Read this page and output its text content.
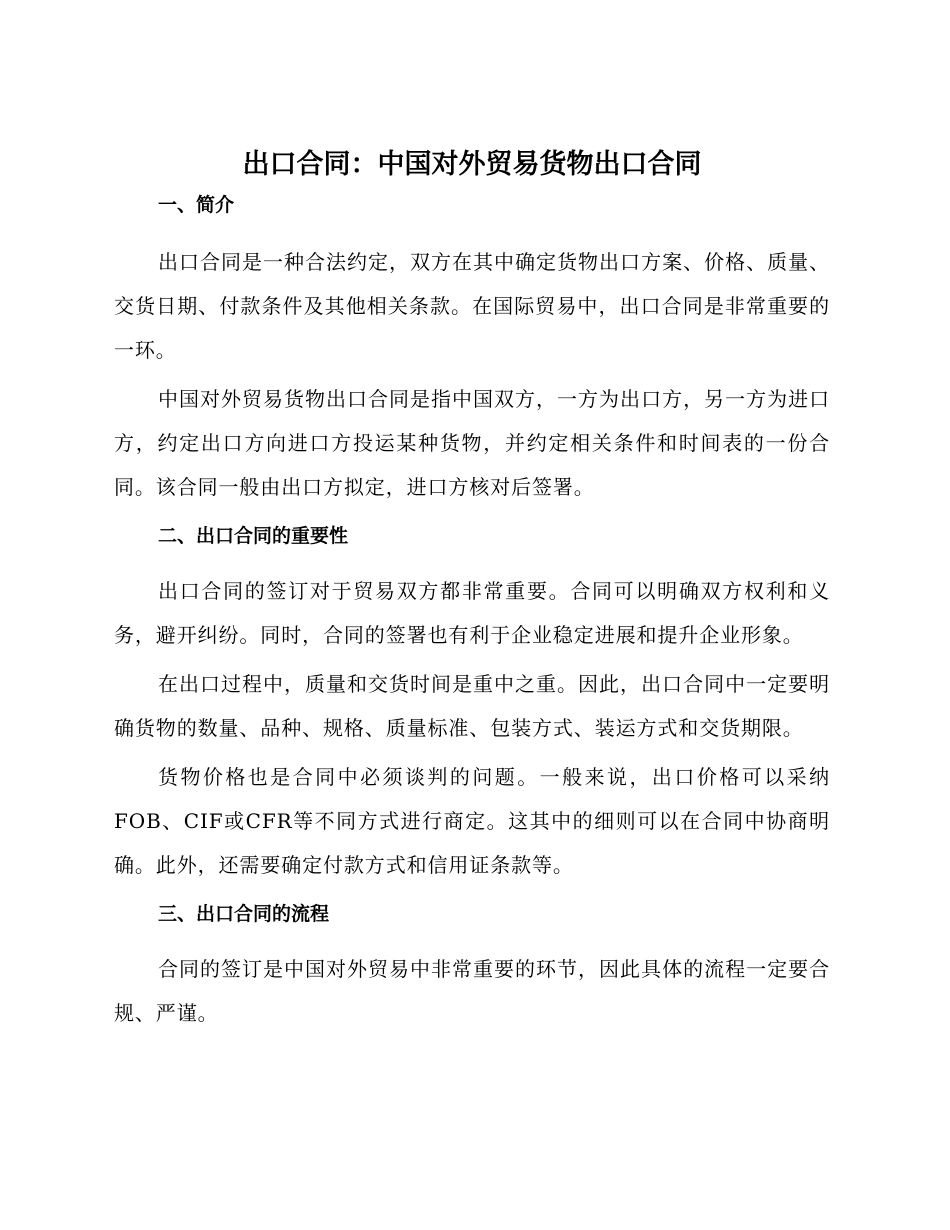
出口合同：中国对外贸易货物出口合同
一、简介

出口合同是一种合法约定，双方在其中确定货物出口方案、价格、质量、交货日期、付款条件及其他相关条款。在国际贸易中，出口合同是非常重要的一环。

中国对外贸易货物出口合同是指中国双方，一方为出口方，另一方为进口方，约定出口方向进口方投运某种货物，并约定相关条件和时间表的一份合同。该合同一般由出口方拟定，进口方核对后签署。

二、出口合同的重要性

出口合同的签订对于贸易双方都非常重要。合同可以明确双方权利和义务，避开纠纷。同时，合同的签署也有利于企业稳定进展和提升企业形象。

在出口过程中，质量和交货时间是重中之重。因此，出口合同中一定要明确货物的数量、品种、规格、质量标准、包装方式、装运方式和交货期限。

货物价格也是合同中必须谈判的问题。一般来说，出口价格可以采纳FOB、CIF或CFR等不同方式进行商定。这其中的细则可以在合同中协商明确。此外，还需要确定付款方式和信用证条款等。

三、出口合同的流程

合同的签订是中国对外贸易中非常重要的环节，因此具体的流程一定要合规、严谨。
